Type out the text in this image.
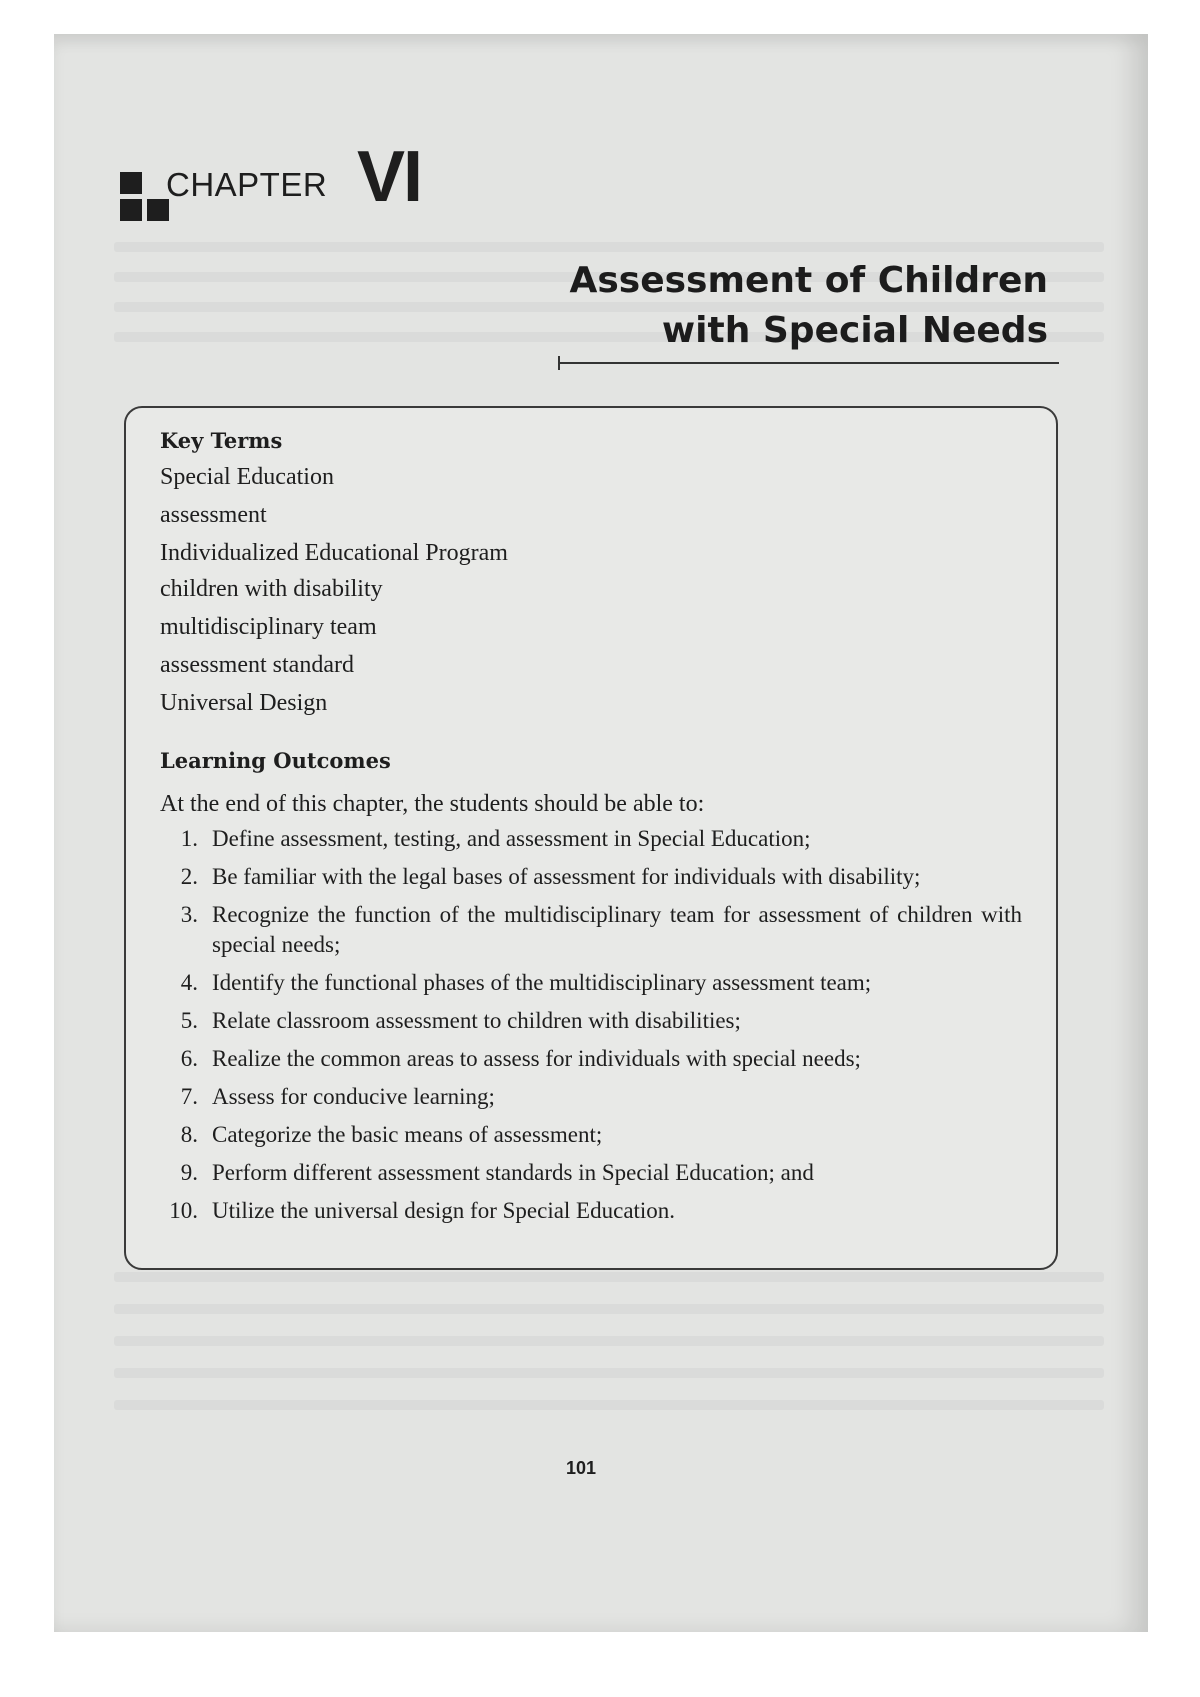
CHAPTER VI
Assessment of Children
with Special Needs
Key Terms
Special Education
assessment
Individualized Educational Program
children with disability
multidisciplinary team
assessment standard
Universal Design
Learning Outcomes
At the end of this chapter, the students should be able to:
1. Define assessment, testing, and assessment in Special Education;
2. Be familiar with the legal bases of assessment for individuals with disability;
3. Recognize the function of the multidisciplinary team for assessment of children with special needs;
4. Identify the functional phases of the multidisciplinary assessment team;
5. Relate classroom assessment to children with disabilities;
6. Realize the common areas to assess for individuals with special needs;
7. Assess for conducive learning;
8. Categorize the basic means of assessment;
9. Perform different assessment standards in Special Education; and
10. Utilize the universal design for Special Education.
101
